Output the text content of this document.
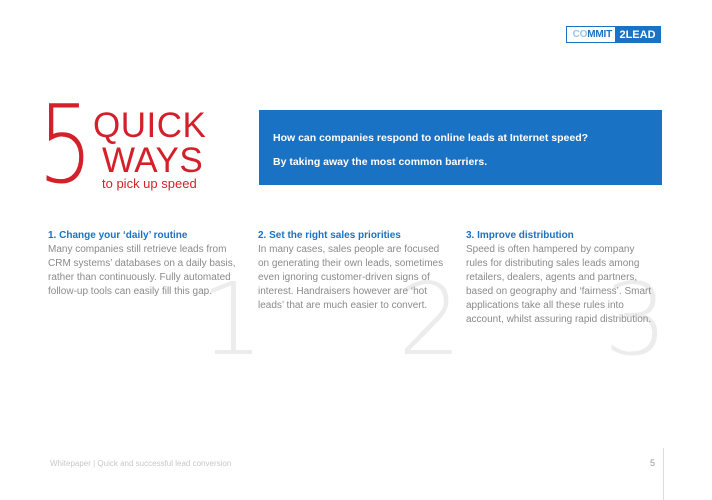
CO MMIT 2LEAD
5 QUICK
WAYS
to pick up speed

How can companies respond to online leads at Internet speed?

By taking away the most common barriers.

1 2 3
1. Change your ‘daily’ routine
Many companies still retrieve leads from CRM systems’ databases on a daily basis, rather than continuously. Fully automated follow-up tools can easily fill this gap.
2. Set the right sales priorities
In many cases, sales people are focused on generating their own leads, sometimes even ignoring customer-driven signs of interest. Handraisers however are ‘hot leads’ that are much easier to convert.
3. Improve distribution
Speed is often hampered by company rules for distributing sales leads among retailers, dealers, agents and partners, based on geography and ‘fairness’. Smart applications take all these rules into account, whilst assuring rapid distribution.
Whitepaper | Quick and successful lead conversion	5
